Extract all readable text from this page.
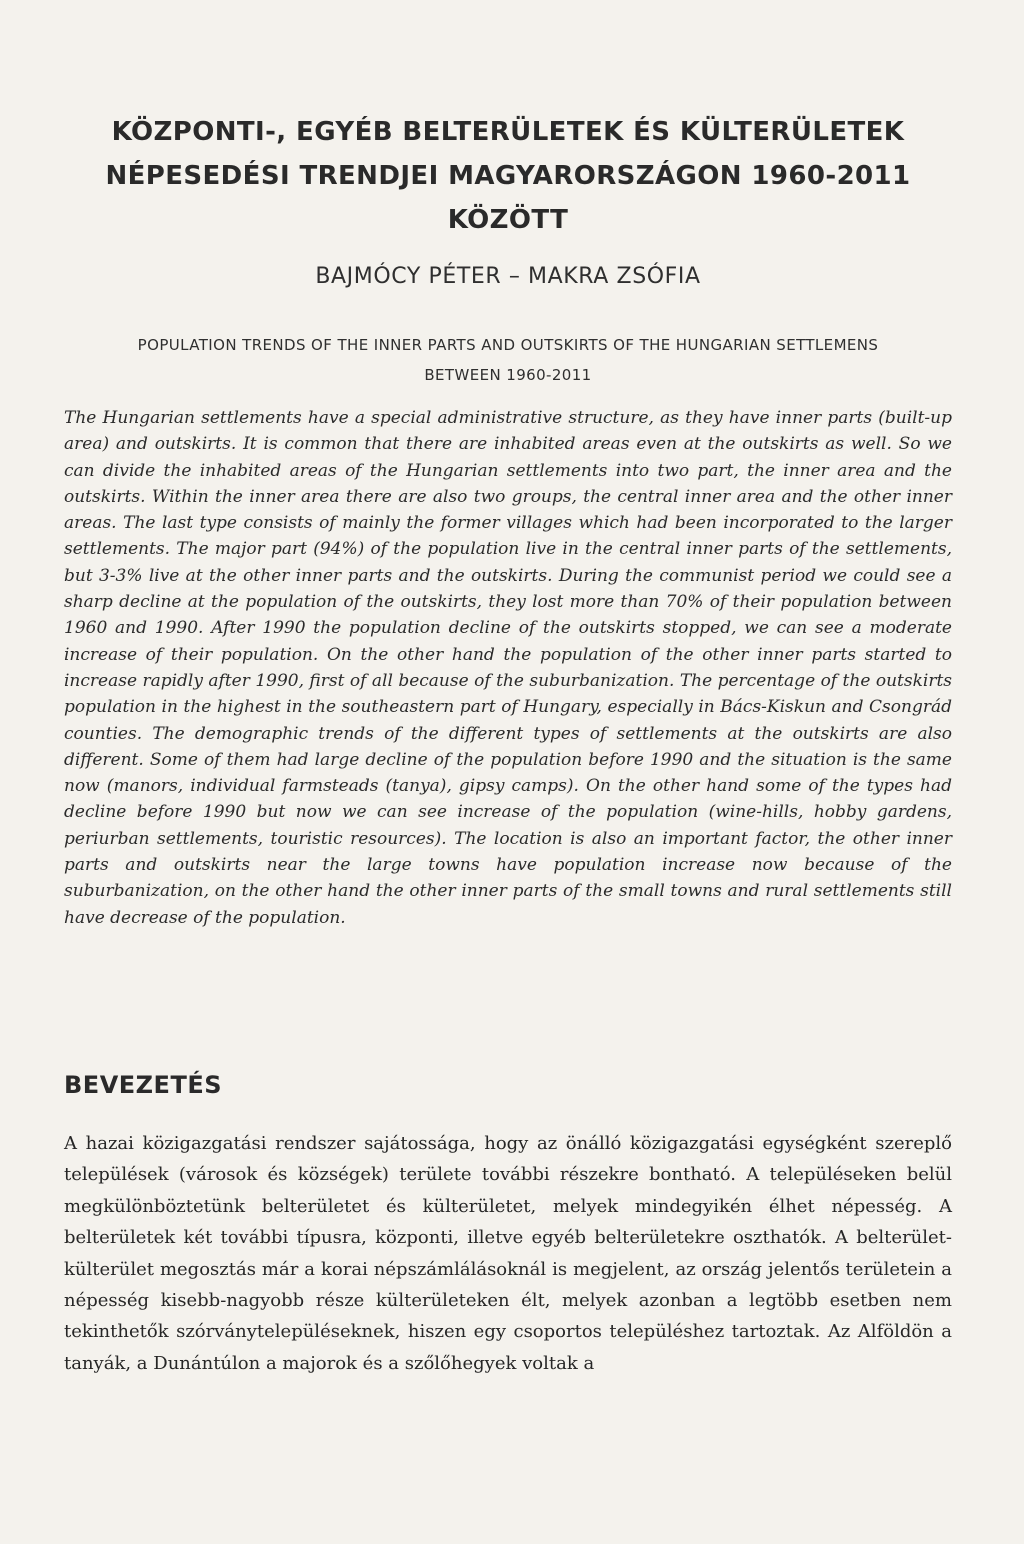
KÖZPONTI-, EGYÉB BELTERÜLETEK ÉS KÜLTERÜLETEK
NÉPESEDÉSI TRENDJEI MAGYARORSZÁGON 1960-2011
KÖZÖTT
BAJMÓCY PÉTER – MAKRA ZSÓFIA
POPULATION TRENDS OF THE INNER PARTS AND OUTSKIRTS OF THE HUNGARIAN SETTLEMENS
BETWEEN 1960-2011
The Hungarian settlements have a special administrative structure, as they have inner parts (built-up area) and outskirts. It is common that there are inhabited areas even at the outskirts as well. So we can divide the inhabited areas of the Hungarian settlements into two part, the inner area and the outskirts. Within the inner area there are also two groups, the central inner area and the other inner areas. The last type consists of mainly the former villages which had been incorporated to the larger settlements. The major part (94%) of the population live in the central inner parts of the settlements, but 3-3% live at the other inner parts and the outskirts. During the communist period we could see a sharp decline at the population of the outskirts, they lost more than 70% of their population between 1960 and 1990. After 1990 the population decline of the outskirts stopped, we can see a moderate increase of their population. On the other hand the population of the other inner parts started to increase rapidly after 1990, first of all because of the suburbanization. The percentage of the outskirts population in the highest in the southeastern part of Hungary, especially in Bács-Kiskun and Csongrád counties. The demographic trends of the different types of settlements at the outskirts are also different. Some of them had large decline of the population before 1990 and the situation is the same now (manors, individual farmsteads (tanya), gipsy camps). On the other hand some of the types had decline before 1990 but now we can see increase of the population (wine-hills, hobby gardens, periurban settlements, touristic resources). The location is also an important factor, the other inner parts and outskirts near the large towns have population increase now because of the suburbanization, on the other hand the other inner parts of the small towns and rural settlements still have decrease of the population.
BEVEZETÉS
A hazai közigazgatási rendszer sajátossága, hogy az önálló közigazgatási egységként szereplő települések (városok és községek) területe további részekre bontható. A településeken belül megkülönböztetünk belterületet és külterületet, melyek mindegyikén élhet népesség. A belterületek két további típusra, központi, illetve egyéb belterületekre oszthatók. A belterület-külterület megosztás már a korai népszámlálásoknál is megjelent, az ország jelentős területein a népesség kisebb-nagyobb része külterületeken élt, melyek azonban a legtöbb esetben nem tekinthetők szórványtelepüléseknek, hiszen egy csoportos településhez tartoztak. Az Alföldön a tanyák, a Dunántúlon a majorok és a szőlőhegyek voltak a
